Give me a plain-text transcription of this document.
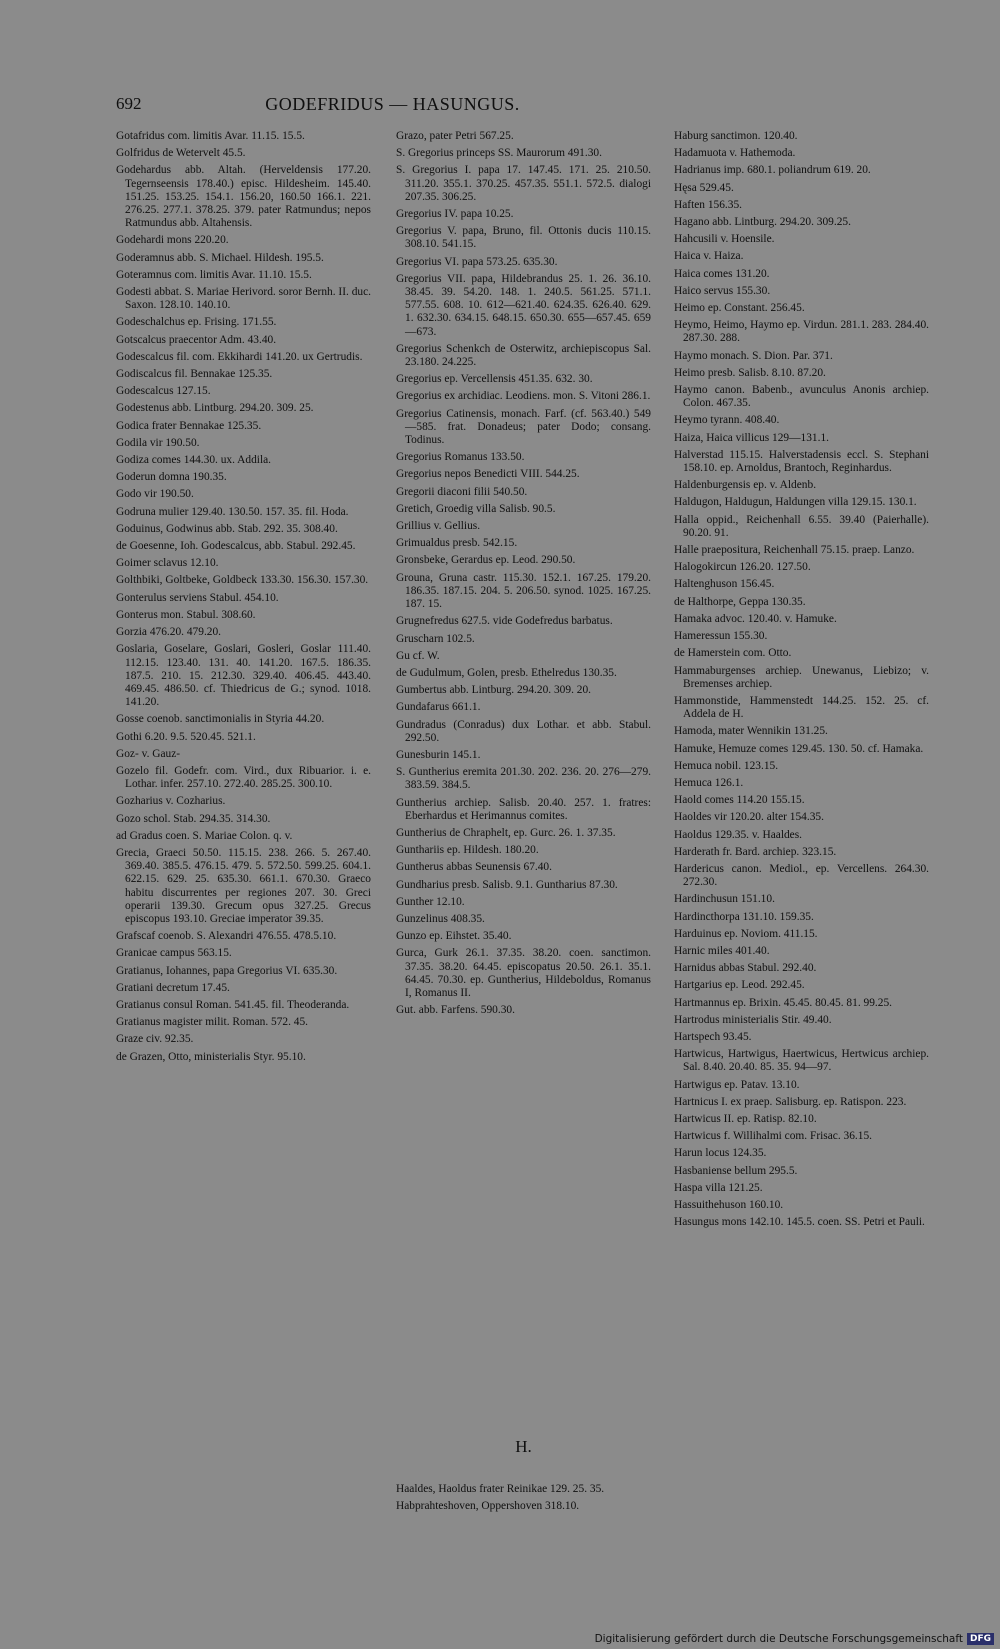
692	GODEFRIDUS — HASUNGUS.
Gotafridus com. limitis Avar. 11.15. 15.5.
Golfridus de Wetervelt 45.5.
Godehardus abb. Altah. (Herveldensis 177.20. Tegernseensis 178.40.) episc. Hildesheim. 145.40. 151.25. 153.25. 154.1. 156.20, 160.50 166.1. 221. 276.25. 277.1. 378.25. 379. pater Ratmundus; nepos Ratmundus abb. Altahensis.
Godehardi mons 220.20.
Goderamnus abb. S. Michael. Hildesh. 195.5.
Goteramnus com. limitis Avar. 11.10. 15.5.
Godesti abbat. S. Mariae Herivord. soror Bernh. II. duc. Saxon. 128.10. 140.10.
Godeschalchus ep. Frising. 171.55.
Gotscalcus praecentor Adm. 43.40.
Godescalcus fil. com. Ekkihardi 141.20. ux Gertrudis.
Godiscalcus fil. Bennakae 125.35.
Godescalcus 127.15.
Godestenus abb. Lintburg. 294.20. 309. 25.
Godica frater Bennakae 125.35.
Godila vir 190.50.
Godiza comes 144.30. ux. Addila.
Goderun domna 190.35.
Godo vir 190.50.
Godruna mulier 129.40. 130.50. 157. 35. fil. Hoda.
Goduinus, Godwinus abb. Stab. 292. 35. 308.40.
de Goesenne, Ioh. Godescalcus, abb. Stabul. 292.45.
Goimer sclavus 12.10.
Golthbiki, Goltbeke, Goldbeck 133.30. 156.30. 157.30.
Gonterulus serviens Stabul. 454.10.
Gonterus mon. Stabul. 308.60.
Gorzia 476.20. 479.20.
Goslaria, Goselare, Goslari, Gosleri, Goslar 111.40. 112.15. 123.40. 131. 40. 141.20. 167.5. 186.35. 187.5. 210. 15. 212.30. 329.40. 406.45. 443.40. 469.45. 486.50. cf. Thiedricus de G.; synod. 1018. 141.20.
Gosse coenob. sanctimonialis in Styria 44.20.
Gothi 6.20. 9.5. 520.45. 521.1.
Goz- v. Gauz-
Gozelo fil. Godefr. com. Vird., dux Ribuarior. i. e. Lothar. infer. 257.10. 272.40. 285.25. 300.10.
Gozharius v. Cozharius.
Gozo schol. Stab. 294.35. 314.30.
ad Gradus coen. S. Mariae Colon. q. v.
Grecia, Graeci 50.50. 115.15. 238. 266. 5. 267.40. 369.40. 385.5. 476.15. 479. 5. 572.50. 599.25. 604.1. 622.15. 629. 25. 635.30. 661.1. 670.30. Graeco habitu discurrentes per regiones 207. 30. Greci operarii 139.30. Grecum opus 327.25. Grecus episcopus 193.10. Greciae imperator 39.35.
Grafscaf coenob. S. Alexandri 476.55. 478.5.10.
Granicae campus 563.15.
Gratianus, Iohannes, papa Gregorius VI. 635.30.
Gratiani decretum 17.45.
Gratianus consul Roman. 541.45. fil. Theoderanda.
Gratianus magister milit. Roman. 572. 45.
Graze civ. 92.35.
de Grazen, Otto, ministerialis Styr. 95.10.
Grazo, pater Petri 567.25.
S. Gregorius princeps SS. Maurorum 491.30.
S. Gregorius I. papa 17. 147.45. 171. 25. 210.50. 311.20. 355.1. 370.25. 457.35. 551.1. 572.5. dialogi 207.35. 306.25.
Gregorius IV. papa 10.25.
Gregorius V. papa, Bruno, fil. Ottonis ducis 110.15. 308.10. 541.15.
Gregorius VI. papa 573.25. 635.30.
Gregorius VII. papa, Hildebrandus 25. 1. 26. 36.10. 38.45. 39. 54.20. 148. 1. 240.5. 561.25. 571.1. 577.55. 608. 10. 612—621.40. 624.35. 626.40. 629. 1. 632.30. 634.15. 648.15. 650.30. 655—657.45. 659—673.
Gregorius Schenkch de Osterwitz, archiepiscopus Sal. 23.180. 24.225.
Gregorius ep. Vercellensis 451.35. 632. 30.
Gregorius ex archidiac. Leodiens. mon. S. Vitoni 286.1.
Gregorius Catinensis, monach. Farf. (cf. 563.40.) 549—585. frat. Donadeus; pater Dodo; consang. Todinus.
Gregorius Romanus 133.50.
Gregorius nepos Benedicti VIII. 544.25.
Gregorii diaconi filii 540.50.
Gretich, Groedig villa Salisb. 90.5.
Grillius v. Gellius.
Grimualdus presb. 542.15.
Gronsbeke, Gerardus ep. Leod. 290.50.
Grouna, Gruna castr. 115.30. 152.1. 167.25. 179.20. 186.35. 187.15. 204. 5. 206.50. synod. 1025. 167.25. 187. 15.
Grugnefredus 627.5. vide Godefredus barbatus.
Gruscharn 102.5.
Gu cf. W.
de Gudulmum, Golen, presb. Ethelredus 130.35.
Gumbertus abb. Lintburg. 294.20. 309. 20.
Gundafarus 661.1.
Gundradus (Conradus) dux Lothar. et abb. Stabul. 292.50.
Gunesburin 145.1.
S. Guntherius eremita 201.30. 202. 236. 20. 276—279. 383.59. 384.5.
Guntherius archiep. Salisb. 20.40. 257. 1. fratres: Eberhardus et Herimannus comites.
Guntherius de Chraphelt, ep. Gurc. 26. 1. 37.35.
Gunthariis ep. Hildesh. 180.20.
Guntherus abbas Seunensis 67.40.
Gundharius presb. Salisb. 9.1. Guntharius 87.30.
Gunther 12.10.
Gunzelinus 408.35.
Gunzo ep. Eihstet. 35.40.
Gurca, Gurk 26.1. 37.35. 38.20. coen. sanctimon. 37.35. 38.20. 64.45. episcopatus 20.50. 26.1. 35.1. 64.45. 70.30. ep. Guntherius, Hildeboldus, Romanus I, Romanus II.
Gut. abb. Farfens. 590.30.
Haburg sanctimon. 120.40.
Hadamuota v. Hathemoda.
Hadrianus imp. 680.1. poliandrum 619. 20.
Hęsa 529.45.
Haften 156.35.
Hagano abb. Lintburg. 294.20. 309.25.
Hahcusili v. Hoensile.
Haica v. Haiza.
Haica comes 131.20.
Haico servus 155.30.
Heimo ep. Constant. 256.45.
Heymo, Heimo, Haymo ep. Virdun. 281.1. 283. 284.40. 287.30. 288.
Haymo monach. S. Dion. Par. 371.
Heimo presb. Salisb. 8.10. 87.20.
Haymo canon. Babenb., avunculus Anonis archiep. Colon. 467.35.
Heymo tyrann. 408.40.
Haiza, Haica villicus 129—131.1.
Halverstad 115.15. Halverstadensis eccl. S. Stephani 158.10. ep. Arnoldus, Brantoch, Reginhardus.
Haldenburgensis ep. v. Aldenb.
Haldugon, Haldugun, Haldungen villa 129.15. 130.1.
Halla oppid., Reichenhall 6.55. 39.40 (Paierhalle). 90.20. 91.
Halle praepositura, Reichenhall 75.15. praep. Lanzo.
Halogokircun 126.20. 127.50.
Haltenghuson 156.45.
de Halthorpe, Geppa 130.35.
Hamaka advoc. 120.40. v. Hamuke.
Hameressun 155.30.
de Hamerstein com. Otto.
Hammaburgenses archiep. Unewanus, Liebizo; v. Bremenses archiep.
Hammonstide, Hammenstedt 144.25. 152. 25. cf. Addela de H.
Hamoda, mater Wennikin 131.25.
Hamuke, Hemuze comes 129.45. 130. 50. cf. Hamaka.
Hemuca nobil. 123.15.
Hemuca 126.1.
Haold comes 114.20 155.15.
Haoldes vir 120.20. alter 154.35.
Haoldus 129.35. v. Haaldes.
Harderath fr. Bard. archiep. 323.15.
Hardericus canon. Mediol., ep. Vercellens. 264.30. 272.30.
Hardinchusun 151.10.
Hardincthorpa 131.10. 159.35.
Harduinus ep. Noviom. 411.15.
Harnic miles 401.40.
Harnidus abbas Stabul. 292.40.
Hartgarius ep. Leod. 292.45.
Hartmannus ep. Brixin. 45.45. 80.45. 81. 99.25.
Hartrodus ministerialis Stir. 49.40.
Hartspech 93.45.
Hartwicus, Hartwigus, Haertwicus, Hertwicus archiep. Sal. 8.40. 20.40. 85. 35. 94—97.
Hartwigus ep. Patav. 13.10.
Hartnicus I. ex praep. Salisburg. ep. Ratispon. 223.
Hartwicus II. ep. Ratisp. 82.10.
Hartwicus f. Willihalmi com. Frisac. 36.15.
Harun locus 124.35.
Hasbaniense bellum 295.5.
Haspa villa 121.25.
Hassuithehuson 160.10.
Hasungus mons 142.10. 145.5. coen. SS. Petri et Pauli.
H.
Haaldes, Haoldus frater Reinikae 129. 25. 35.
Habprahteshoven, Oppershoven 318.10.
Digitalisierung gefördert durch die Deutsche Forschungsgemeinschaft DFG
